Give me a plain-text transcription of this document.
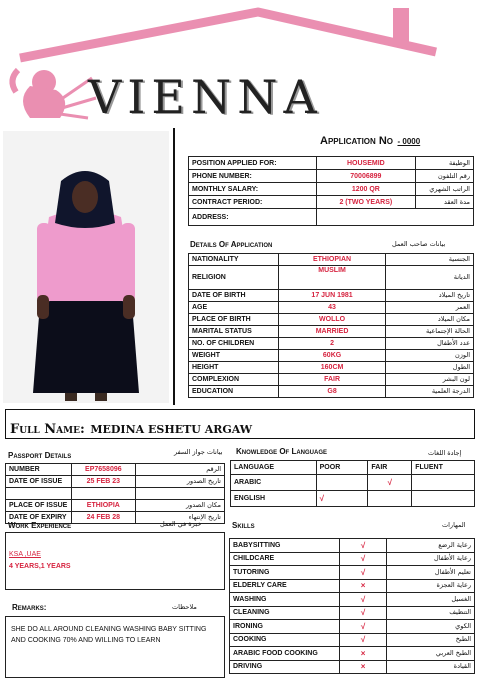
VIENNA
Application No - 0000
POSITION APPLIED FOR:	HOUSEMID	الوظيفة
PHONE NUMBER:	70006899	رقم التلفون
MONTHLY SALARY:	1200 QR	الراتب الشهري
CONTRACT PERIOD:	2 (TWO YEARS)	مدة العقد
ADDRESS:		
Details Of Application	بيانات صاحب العمل
NATIONALITY	ETHIOPIAN	الجنسية
RELIGION	MUSLIM	الديانة
DATE OF BIRTH	17 JUN 1981	تاريخ الميلاد
AGE	43	العمر
PLACE OF BIRTH	WOLLO	مكان الميلاد
MARITAL STATUS	MARRIED	الحالة الإجتماعية
NO. OF CHILDREN	2	عدد الأطفال
WEIGHT	60KG	الوزن
HEIGHT	160CM	الطول
COMPLEXION	FAIR	لون البشر
EDUCATION	G8	الدرجة العلمية
Full Name: MEDINA ESHETU ARGAW
Passport Details	بيانات جواز السفر
NUMBER	EP7658096	الرقم
DATE OF ISSUE	25 FEB 23	تاريخ الصدور

PLACE OF ISSUE	ETHIOPIA	مكان الصدور
DATE OF EXPIRY	24 FEB 28	تاريخ الإنتهاء
Knowledge Of Language	إجادة اللغات
LANGUAGE	POOR	FAIR	FLUENT
ARABIC		√	
ENGLISH	√		
Work Experience	خبرة في العمل
KSA ,UAE
4 YEARS,1 YEARS
Remarks:	ملاحظات
SHE DO ALL AROUND CLEANING WASHING BABY SITTING AND COOKING 70% AND WILLING TO LEARN
Skills	المهارات
BABYSITTING	√	رعاية الرضع
CHILDCARE	√	رعاية الأطفال
TUTORING	√	تعليم الأطفال
ELDERLY CARE	×	رعاية العجزة
WASHING	√	الغسيل
CLEANING	√	التنظيف
IRONING	√	الكوي
COOKING	√	الطبخ
ARABIC FOOD COOKING	×	الطبخ العربي
DRIVING	×	القيادة
